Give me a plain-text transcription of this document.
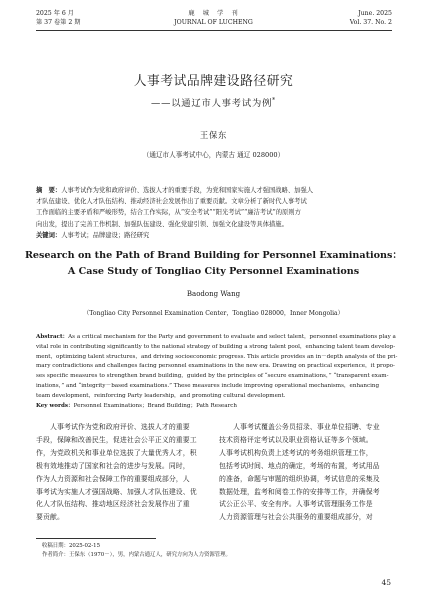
2025 年 6 月
第 37 卷第 2 期
鹿　城　学　刊
JOURNAL OF LUCHENG
June. 2025
Vol. 37. No. 2
人事考试品牌建设路径研究
——以通辽市人事考试为例*
王保东
（通辽市人事考试中心，内蒙古 通辽 028000）

摘　要：人事考试作为党和政府评价、选拔人才的重要手段，为党和国家实施人才强国战略、加强人

才队伍建设、优化人才队伍结构、推动经济社会发展作出了重要贡献。文章分析了新时代人事考试

工作面临的主要矛盾和严峻形势，结合工作实际，从“安全考试”“阳光考试”“廉洁考试”的原则方

向出发，提出了完善工作机制、加强队伍建设、强化党建引领、加强文化建设等具体措施。

关键词：人事考试；品牌建设；路径研究

Research on the Path of Brand Building for Personnel Examinations：
A Case Study of Tongliao City Personnel Examinations
Baodong Wang
（Tongliao City Personnel Examination Center，Tongliao 028000，Inner Mongolia）

Abstract：As a critical mechanism for the Party and government to evaluate and select talent，personnel examinations play a

vital role in contributing significantly to the national strategy of building a strong talent pool，enhancing talent team develop-

ment，optimizing talent structures，and driving socioeconomic progress. This article provides an in－depth analysis of the pri-

mary contradictions and challenges facing personnel examinations in the new era. Drawing on practical experience，it propo-

ses specific measures to strengthen brand building，guided by the principles of “secure examinations，” “transparent exam-

inations，” and “integrity－based examinations.” These measures include improving operational mechanisms，enhancing

team development，reinforcing Party leadership，and promoting cultural development.

Key words：Personnel Examinations；Brand Building；Path Research

　　人事考试作为党和政府评价、选拔人才的重要

手段，保障和改善民生，促进社会公平正义的重要工

作，为党政机关和事业单位选拔了大量优秀人才，积

极有效地推动了国家和社会的进步与发展。同时，

作为人力资源和社会保障工作的重要组成部分，人

事考试为实施人才强国战略、加强人才队伍建设、优

化人才队伍结构、推动地区经济社会发展作出了重

要贡献。

　　人事考试覆盖公务员招录、事业单位招聘、专业

技术资格评定考试以及职业资格认证等多个领域。

人事考试机构负责上述考试的考务组织管理工作，

包括考试时间、地点的确定，考场的布置，考试用品

的准备，命题与审题的组织协调，考试信息的采集及

数据处理，监考和阅卷工作的安排等工作，并确保考

试公正公平、安全有序。人事考试管理服务工作是

人力资源管理与社会公共服务的重要组成部分，对

收稿日期：2025-02-15

作者简介：王保东（1970－），男，内蒙古通辽人，研究方向为人力资源管理。

45
